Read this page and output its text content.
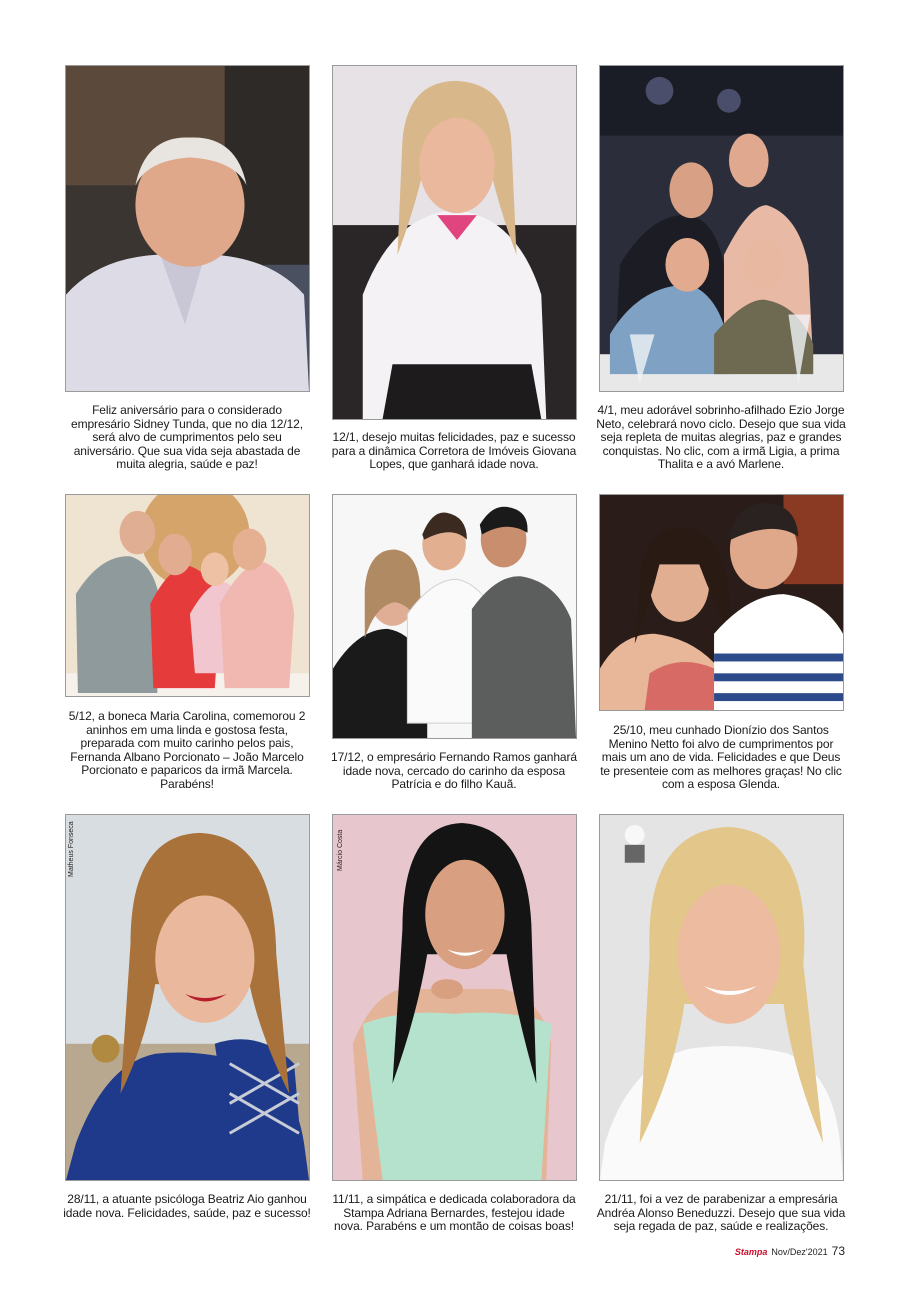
Feliz aniversário para o considerado empresário Sidney Tunda, que no dia 12/12, será alvo de cumprimentos pelo seu aniversário. Que sua vida seja abastada de muita alegria, saúde e paz!
12/1, desejo muitas felicidades, paz e sucesso para a dinâmica Corretora de Imóveis Giovana Lopes, que ganhará idade nova.
4/1, meu adorável sobrinho-afilhado Ezio Jorge Neto, celebrará novo ciclo. Desejo que sua vida seja repleta de muitas alegrias, paz e grandes conquistas. No clic, com a irmã Ligia, a prima Thalita e a avó Marlene.
5/12, a boneca Maria Carolina, comemorou 2 aninhos em uma linda e gostosa festa, preparada com muito carinho pelos pais, Fernanda Albano Porcionato – João Marcelo Porcionato e paparicos da irmã Marcela. Parabéns!
17/12, o empresário Fernando Ramos ganhará idade nova, cercado do carinho da esposa Patrícia e do filho Kauã.
25/10, meu cunhado Dionízio dos Santos Menino Netto foi alvo de cumprimentos por mais um ano de vida. Felicidades e que Deus te presenteie com as melhores graças! No clic com a esposa Glenda.
Matheus Fonseca
28/11, a atuante psicóloga Beatriz Aio ganhou idade nova. Felicidades, saúde, paz e sucesso!
Márcio Costa
11/11, a simpática e dedicada colaboradora da Stampa Adriana Bernardes, festejou idade nova. Parabéns e um montão de coisas boas!
21/11, foi a vez de parabenizar a empresária Andréa Alonso Beneduzzi. Desejo que sua vida seja regada de paz, saúde e realizações.
Stampa Nov/Dez'2021 73
